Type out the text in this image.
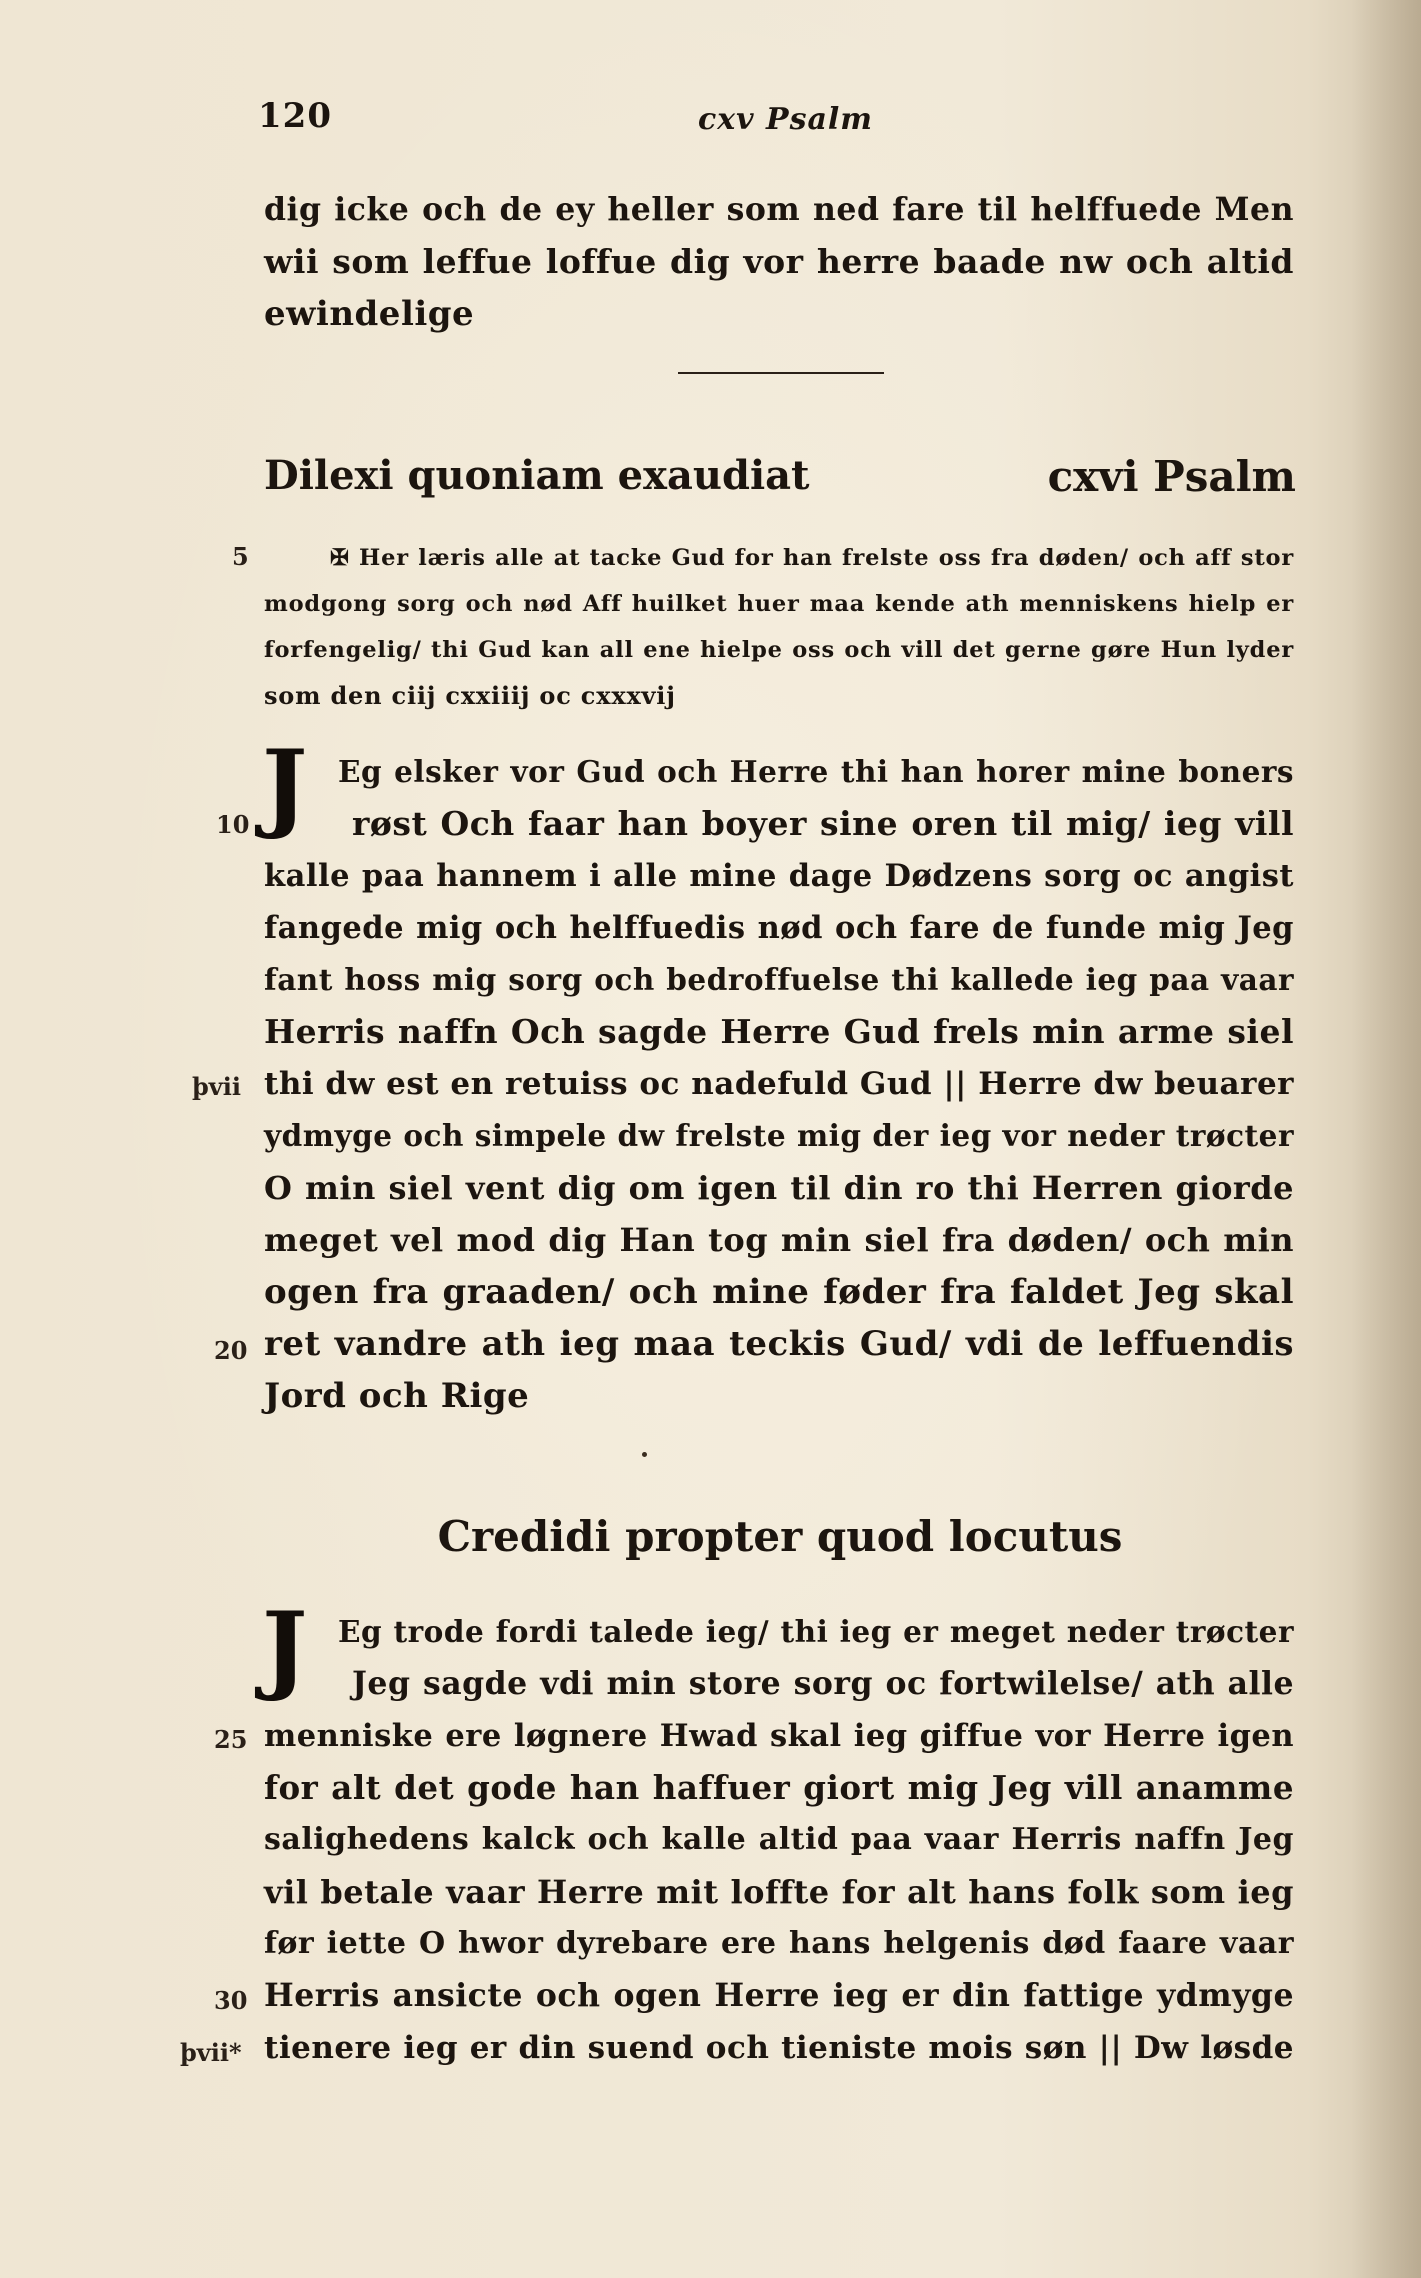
120	cxv Psalm
dig icke och de ey heller som ned fare til helffuede Men
wii som leffue loffue dig vor herre baade nw och altid
ewindelige
Dilexi quoniam exaudiat	cxvi Psalm
✠ Her læris alle at tacke Gud for han frelste oss fra døden/ och aff stor
modgong sorg och nød Aff huilket huer maa kende ath menniskens hielp er
forfengelig/ thi Gud kan all ene hielpe oss och vill det gerne gøre Hun lyder
som den ciij cxxiiij oc cxxxvij
J	Eg elsker vor Gud och Herre thi han horer mine boners
røst Och faar han boyer sine oren til mig/ ieg vill
kalle paa hannem i alle mine dage Dødzens sorg oc angist
fangede mig och helffuedis nød och fare de funde mig Jeg
fant hoss mig sorg och bedroffuelse thi kallede ieg paa vaar
Herris naffn Och sagde Herre Gud frels min arme siel
thi dw est en retuiss oc nadefuld Gud || Herre dw beuarer
ydmyge och simpele dw frelste mig der ieg vor neder trøcter
O min siel vent dig om igen til din ro thi Herren giorde
meget vel mod dig Han tog min siel fra døden/ och min
ogen fra graaden/ och mine føder fra faldet Jeg skal
ret vandre ath ieg maa teckis Gud/ vdi de leffuendis
Jord och Rige
Credidi propter quod locutus
J	Eg trode fordi talede ieg/ thi ieg er meget neder trøcter
Jeg sagde vdi min store sorg oc fortwilelse/ ath alle
menniske ere løgnere Hwad skal ieg giffue vor Herre igen
for alt det gode han haffuer giort mig Jeg vill anamme
salighedens kalck och kalle altid paa vaar Herris naffn Jeg
vil betale vaar Herre mit loffte for alt hans folk som ieg
før iette O hwor dyrebare ere hans helgenis død faare vaar
Herris ansicte och ogen Herre ieg er din fattige ydmyge
tienere ieg er din suend och tieniste mois søn || Dw løsde
5
10
þvii
20
25
30
þvii*
